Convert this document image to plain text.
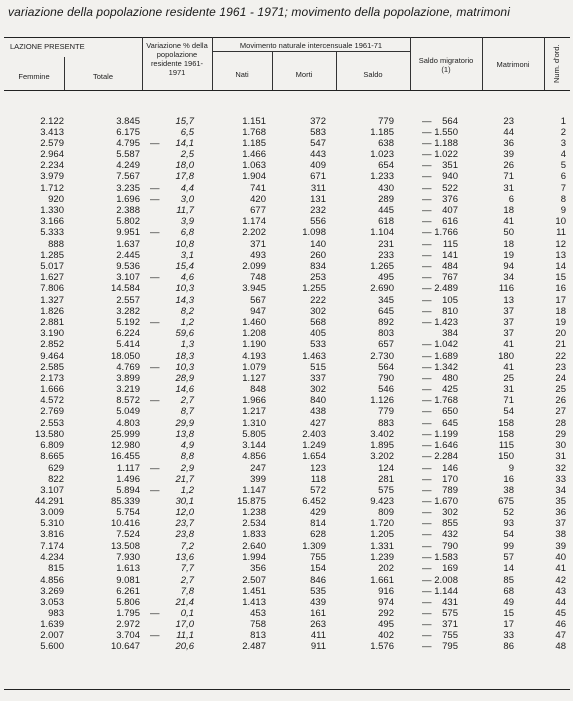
variazione della popolazione residente 1961 - 1971; movimento della popolazione, matrimoni
LAZIONE PRESENTE
Femmine	Totale
Variazione % della popolazione residente 1961-1971
Movimento naturale intercensuale 1961-71
Nati	Morti	Saldo
Saldo migratorio (1)
Matrimoni	Num. d'ord.
2.122	3.845	15,7	1.151	372	779	— 564	23	1
3.413	6.175	6,5	1.768	583	1.185	— 1.550	44	2
2.579	4.795 — 14,1	1.185	547	638	— 1.188	36	3
2.964	5.587	2,5	1.466	443	1.023	— 1.022	39	4
2.234	4.249	18,0	1.063	409	654	— 351	26	5
3.979	7.567	17,8	1.904	671	1.233	— 940	71	6
1.712	3.235 — 4,4	741	311	430	— 522	31	7
920	1.696 — 3,0	420	131	289	— 376	6	8
1.330	2.388	11,7	677	232	445	— 407	18	9
3.166	5.802	3,9	1.174	556	618	— 616	41	10
5.333	9.951 — 6,8	2.202	1.098	1.104	— 1.766	50	11
888	1.637	10,8	371	140	231	— 115	18	12
1.285	2.445	3,1	493	260	233	— 141	19	13
5.017	9.536	15,4	2.099	834	1.265	— 484	94	14
1.627	3.107 — 4,6	748	253	495	— 767	34	15
7.806	14.584	10,3	3.945	1.255	2.690	— 2.489	116	16
1.327	2.557	14,3	567	222	345	— 105	13	17
1.826	3.282	8,2	947	302	645	— 810	37	18
2.881	5.192 — 1,2	1.460	568	892	— 1.423	37	19
3.190	6.224	59,6	1.208	405	803	384	37	20
2.852	5.414	1,3	1.190	533	657	— 1.042	41	21
9.464	18.050	18,3	4.193	1.463	2.730	— 1.689	180	22
2.585	4.769 — 10,3	1.079	515	564	— 1.342	41	23
2.173	3.899	28,9	1.127	337	790	— 480	25	24
1.666	3.219	14,6	848	302	546	— 425	31	25
4.572	8.572 — 2,7	1.966	840	1.126	— 1.768	71	26
2.769	5.049	8,7	1.217	438	779	— 650	54	27
2.553	4.803	29,9	1.310	427	883	— 645	158	28
13.580	25.999	13,8	5.805	2.403	3.402	— 1.199	158	29
6.809	12.980	4,9	3.144	1.249	1.895	— 1.646	115	30
8.665	16.455	8,8	4.856	1.654	3.202	— 2.284	150	31
629	1.117 — 2,9	247	123	124	— 146	9	32
822	1.496	21,7	399	118	281	— 170	16	33
3.107	5.894 — 1,2	1.147	572	575	— 789	38	34
44.291	85.339	30,1	15.875	6.452	9.423	— 1.670	675	35
3.009	5.754	12,0	1.238	429	809	— 302	52	36
5.310	10.416	23,7	2.534	814	1.720	— 855	93	37
3.816	7.524	23,8	1.833	628	1.205	— 432	54	38
7.174	13.508	7,2	2.640	1.309	1.331	— 790	99	39
4.234	7.930	13,6	1.994	755	1.239	— 1.583	57	40
815	1.613	7,7	356	154	202	— 169	14	41
4.856	9.081	2,7	2.507	846	1.661	— 2.008	85	42
3.269	6.261	7,8	1.451	535	916	— 1.144	68	43
3.053	5.806	21,4	1.413	439	974	— 431	49	44
983	1.795 — 0,1	453	161	292	— 575	15	45
1.639	2.972	17,0	758	263	495	— 371	17	46
2.007	3.704 — 11,1	813	411	402	— 755	33	47
5.600	10.647	20,6	2.487	911	1.576	— 795	86	48
